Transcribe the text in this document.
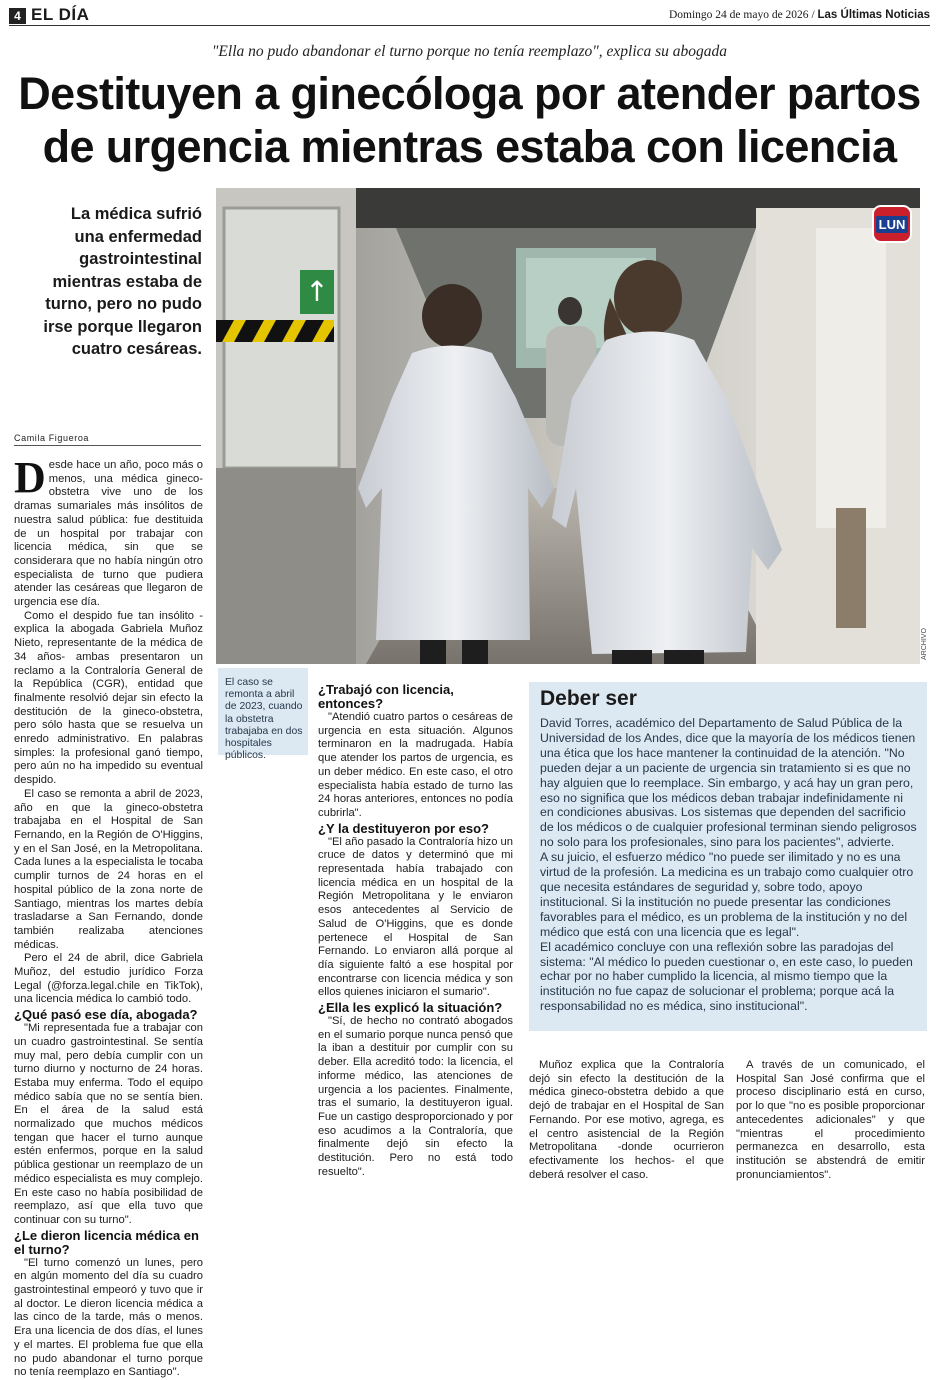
4 EL DÍA	Domingo 24 de mayo de 2026 / Las Últimas Noticias
"Ella no pudo abandonar el turno porque no tenía reemplazo", explica su abogada
Destituyen a ginecóloga por atender partos de urgencia mientras estaba con licencia
La médica sufrió una enfermedad gastrointestinal mientras estaba de turno, pero no pudo irse porque llegaron cuatro cesáreas.
↑
LUN
ARCHIVO
Camila Figueroa

D esde hace un año, poco más o menos, una médica gineco-obstetra vive uno de los dramas sumariales más insólitos de nuestra salud pública: fue destituida de un hospital por trabajar con licencia médica, sin que se considerara que no había ningún otro especialista de turno que pudiera atender las cesáreas que llegaron de urgencia ese día.

Como el despido fue tan insólito -explica la abogada Gabriela Muñoz Nieto, representante de la médica de 34 años- ambas presentaron un reclamo a la Contraloría General de la República (CGR), entidad que finalmente resolvió dejar sin efecto la destitución de la gineco-obstetra, pero sólo hasta que se resuelva un enredo administrativo. En palabras simples: la profesional ganó tiempo, pero aún no ha impedido su eventual despido.

El caso se remonta a abril de 2023, año en que la gineco-obstetra trabajaba en el Hospital de San Fernando, en la Región de O'Higgins, y en el San José, en la Metropolitana. Cada lunes a la especialista le tocaba cumplir turnos de 24 horas en el hospital público de la zona norte de Santiago, mientras los martes debía trasladarse a San Fernando, donde también realizaba atenciones médicas.

Pero el 24 de abril, dice Gabriela Muñoz, del estudio jurídico Forza Legal (@forza.legal.chile en TikTok), una licencia médica lo cambió todo.

¿Qué pasó ese día, abogada?

"Mi representada fue a trabajar con un cuadro gastrointestinal. Se sentía muy mal, pero debía cumplir con un turno diurno y nocturno de 24 horas. Estaba muy enferma. Todo el equipo médico sabía que no se sentía bien. En el área de la salud está normalizado que muchos médicos tengan que hacer el turno aunque estén enfermos, porque en la salud pública gestionar un reemplazo de un médico especialista es muy complejo. En este caso no había posibilidad de reemplazo, así que ella tuvo que continuar con su turno".

¿Le dieron licencia médica en el turno?

"El turno comenzó un lunes, pero en algún momento del día su cuadro gastrointestinal empeoró y tuvo que ir al doctor. Le dieron licencia médica a las cinco de la tarde, más o menos. Era una licencia de dos días, el lunes y el martes. El problema fue que ella no pudo abandonar el turno porque no tenía reemplazo en Santiago".

El caso se remonta a abril de 2023, cuando la obstetra trabajaba en dos hospitales públicos.
¿Trabajó con licencia, entonces?

"Atendió cuatro partos o cesáreas de urgencia en esta situación. Algunos terminaron en la madrugada. Había que atender los partos de urgencia, es un deber médico. En este caso, el otro especialista había estado de turno las 24 horas anteriores, entonces no podía cubrirla".

¿Y la destituyeron por eso?

"El año pasado la Contraloría hizo un cruce de datos y determinó que mi representada había trabajado con licencia médica en un hospital de la Región Metropolitana y le enviaron esos antecedentes al Servicio de Salud de O'Higgins, que es donde pertenece el Hospital de San Fernando. Lo enviaron allá porque al día siguiente faltó a ese hospital por encontrarse con licencia médica y son ellos quienes iniciaron el sumario".

¿Ella les explicó la situación?

"Sí, de hecho no contrató abogados en el sumario porque nunca pensó que la iban a destituir por cumplir con su deber. Ella acreditó todo: la licencia, el informe médico, las atenciones de urgencia a los pacientes. Finalmente, tras el sumario, la destituyeron igual. Fue un castigo desproporcionado y por eso acudimos a la Contraloría, que finalmente dejó sin efecto la destitución. Pero no está todo resuelto".

Deber ser

David Torres, académico del Departamento de Salud Pública de la Universidad de los Andes, dice que la mayoría de los médicos tienen una ética que los hace mantener la continuidad de la atención. "No pueden dejar a un paciente de urgencia sin tratamiento si es que no hay alguien que lo reemplace. Sin embargo, y acá hay un gran pero, eso no significa que los médicos deban trabajar indefinidamente ni en condiciones abusivas. Los sistemas que dependen del sacrificio de los médicos o de cualquier profesional terminan siendo peligrosos no solo para los profesionales, sino para los pacientes", advierte.

A su juicio, el esfuerzo médico "no puede ser ilimitado y no es una virtud de la profesión. La medicina es un trabajo como cualquier otro que necesita estándares de seguridad y, sobre todo, apoyo institucional. Si la institución no puede presentar las condiciones favorables para el médico, es un problema de la institución y no del médico que está con una licencia que es legal".

El académico concluye con una reflexión sobre las paradojas del sistema: "Al médico lo pueden cuestionar o, en este caso, lo pueden echar por no haber cumplido la licencia, al mismo tiempo que la institución no fue capaz de solucionar el problema; porque acá la responsabilidad no es médica, sino institucional".

Muñoz explica que la Contraloría dejó sin efecto la destitución de la médica gineco-obstetra debido a que dejó de trabajar en el Hospital de San Fernando. Por ese motivo, agrega, es el centro asistencial de la Región Metropolitana -donde ocurrieron efectivamente los hechos- el que deberá resolver el caso.

A través de un comunicado, el Hospital San José confirma que el proceso disciplinario está en curso, por lo que "no es posible proporcionar antecedentes adicionales" y que "mientras el procedimiento permanezca en desarrollo, esta institución se abstendrá de emitir pronunciamientos".
